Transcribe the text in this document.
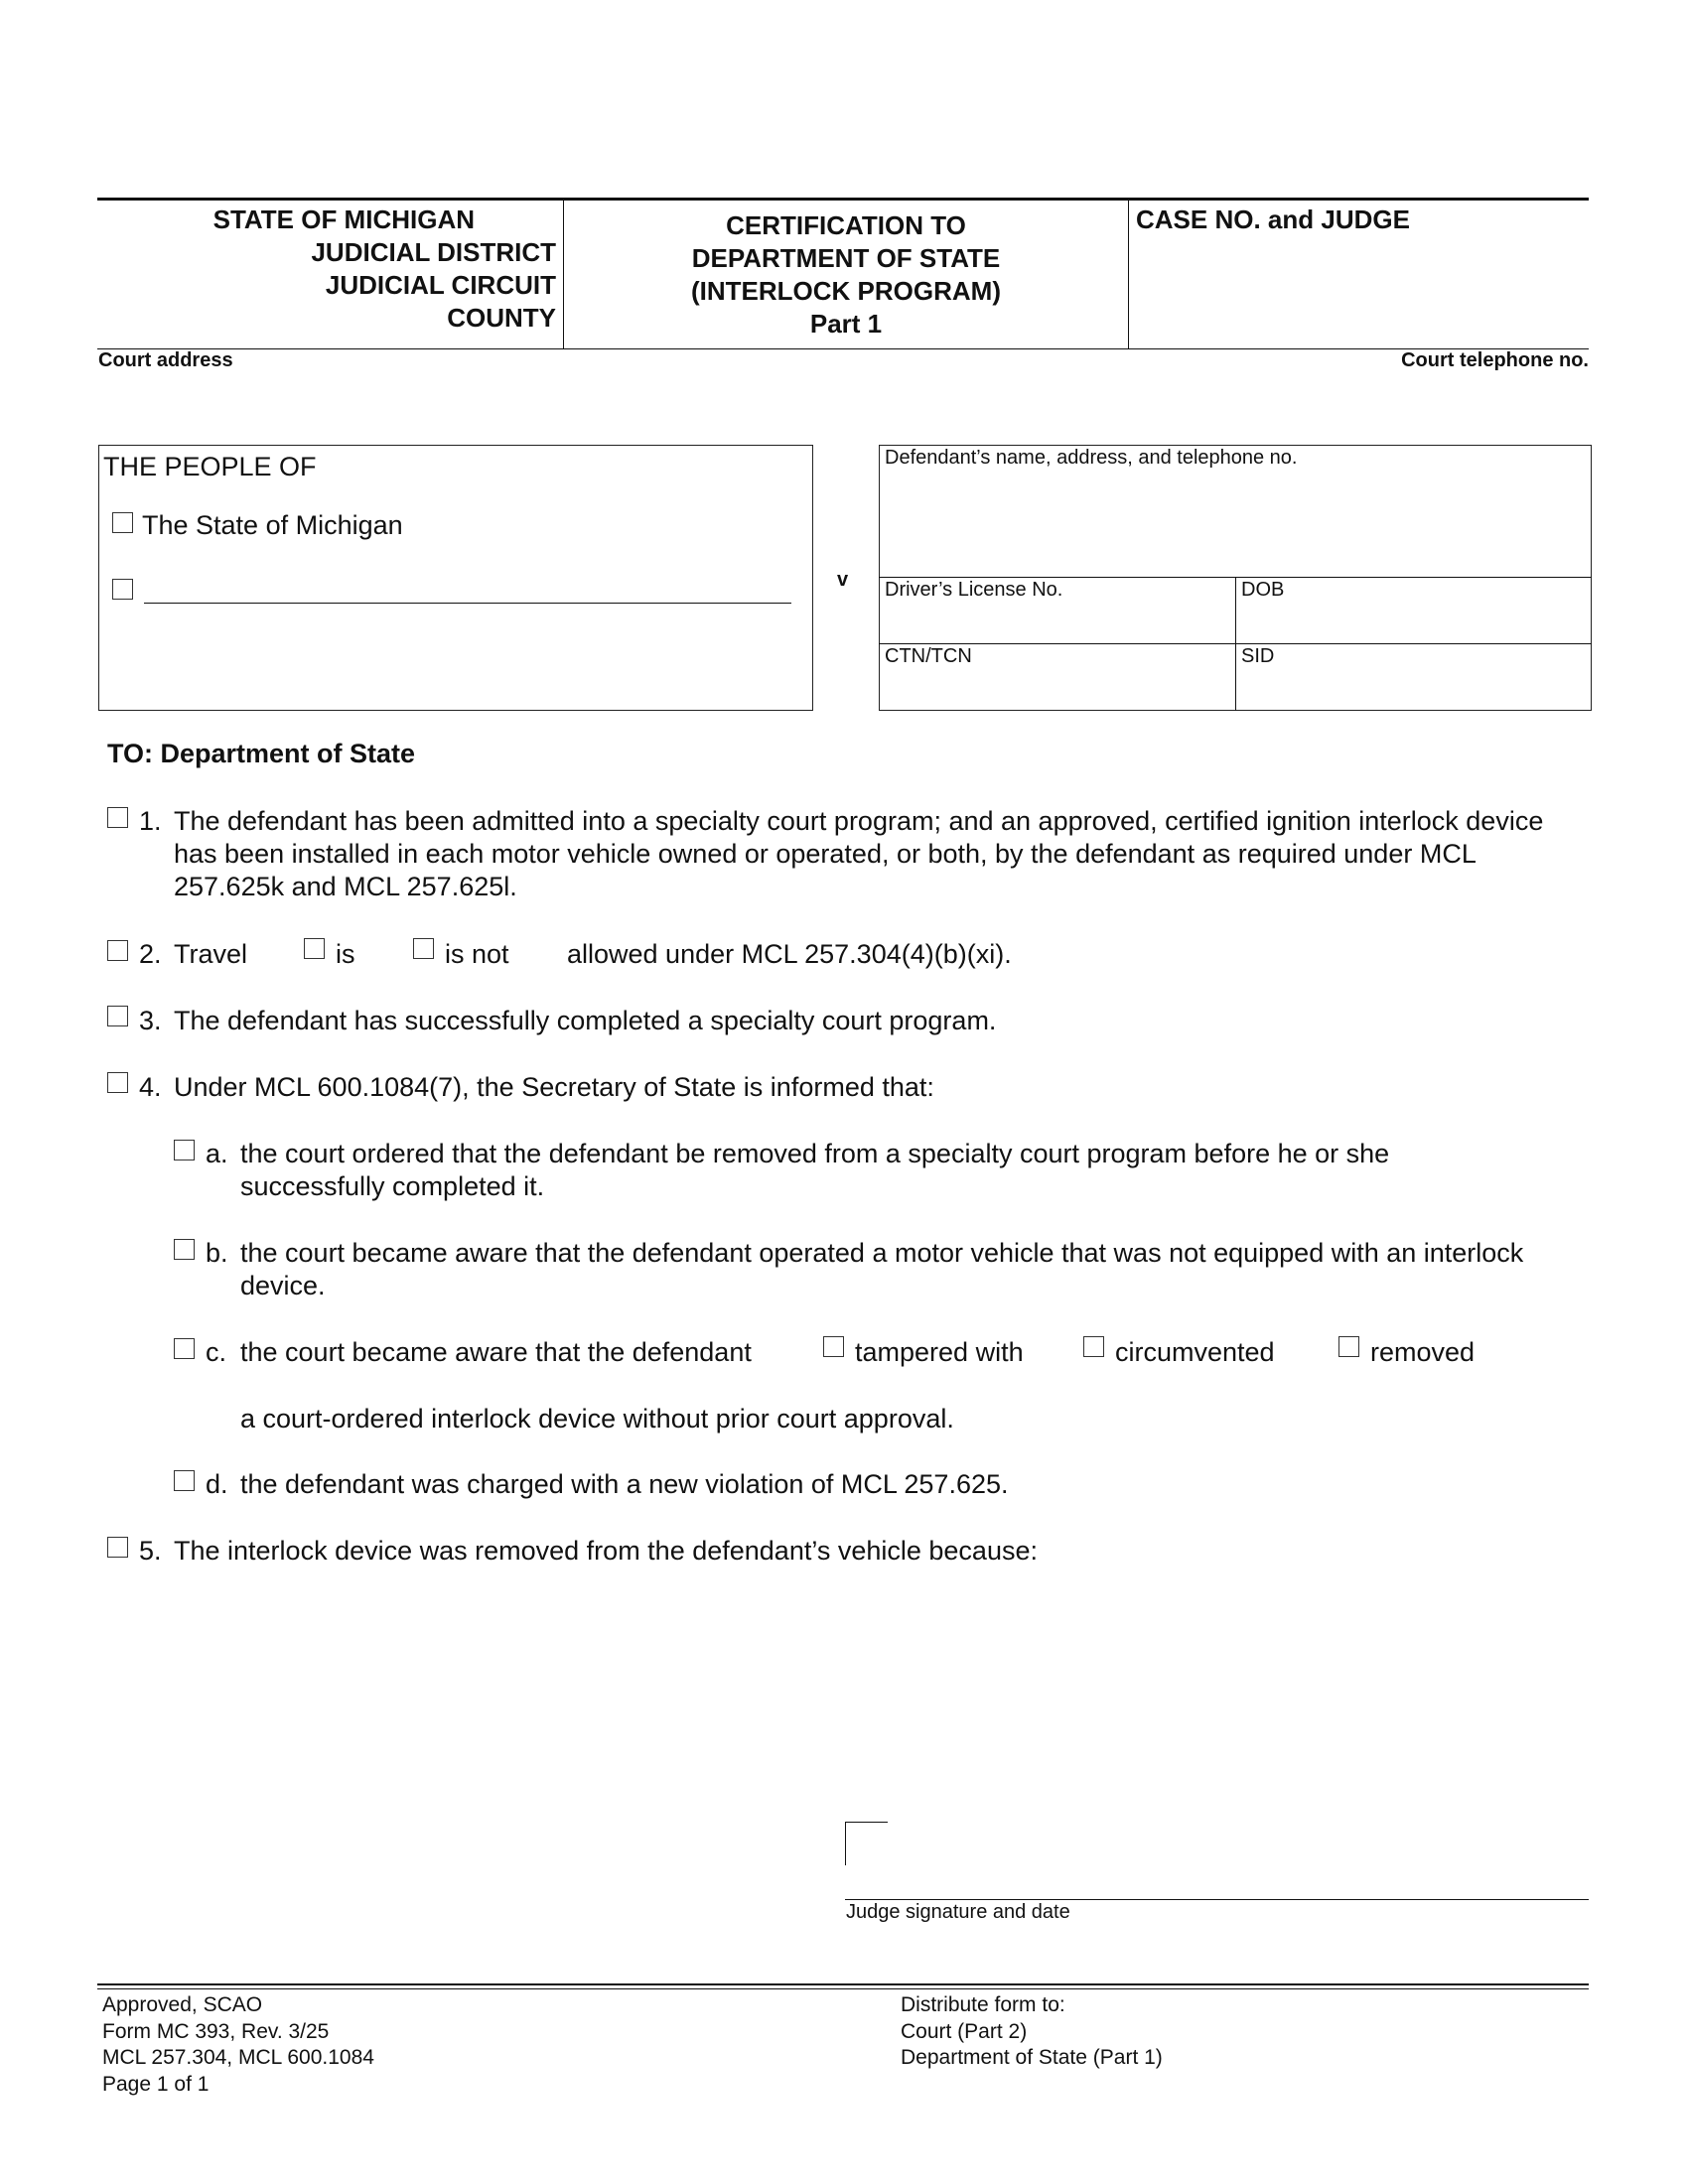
STATE OF MICHIGAN
JUDICIAL DISTRICT
JUDICIAL CIRCUIT
COUNTY
CERTIFICATION TO
DEPARTMENT OF STATE
(INTERLOCK PROGRAM)
Part 1
CASE NO. and JUDGE
Court address	Court telephone no.
THE PEOPLE OF
The State of Michigan
v
Defendant’s name, address, and telephone no.
Driver’s License No.	DOB
CTN/TCN	SID
TO: Department of State
1. The defendant has been admitted into a specialty court program; and an approved, certified ignition interlock device has been installed in each motor vehicle owned or operated, or both, by the defendant as required under MCL 257.625k and MCL 257.625l.
2. Travel	is	is not allowed under MCL 257.304(4)(b)(xi).
3. The defendant has successfully completed a specialty court program.
4. Under MCL 600.1084(7), the Secretary of State is informed that:
a. the court ordered that the defendant be removed from a specialty court program before he or she successfully completed it.
b. the court became aware that the defendant operated a motor vehicle that was not equipped with an interlock device.
c. the court became aware that the defendant	tampered with	circumvented	removed
a court-ordered interlock device without prior court approval.
d. the defendant was charged with a new violation of MCL 257.625.
5. The interlock device was removed from the defendant’s vehicle because:
Judge signature and date
Approved, SCAO
Form MC 393, Rev. 3/25
MCL 257.304, MCL 600.1084
Page 1 of 1
Distribute form to:
Court (Part 2)
Department of State (Part 1)
